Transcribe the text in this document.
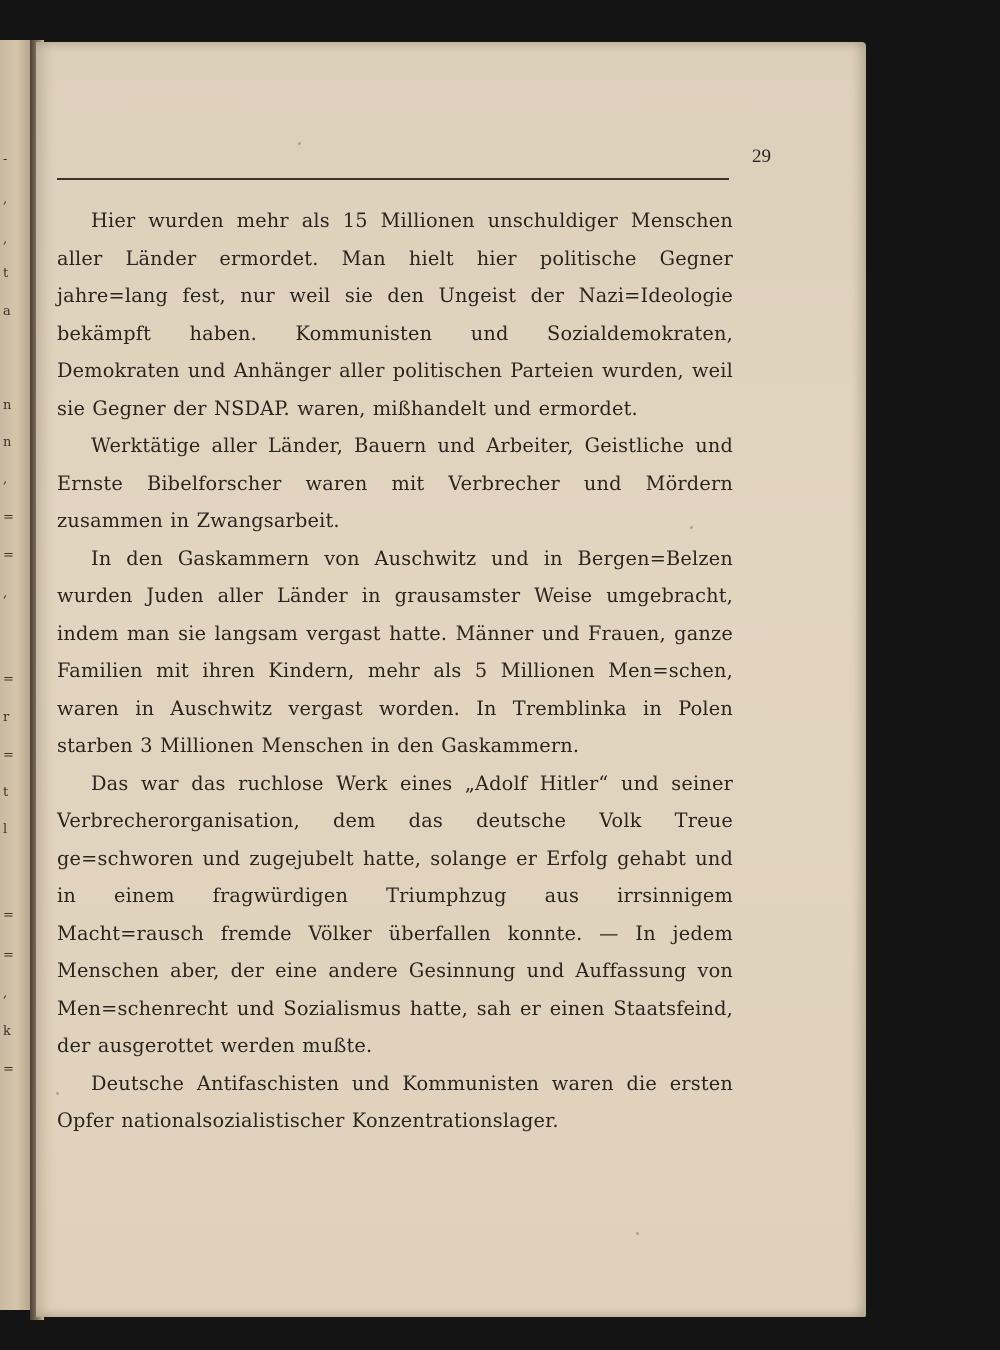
-
,
,
t
a
n
n
,
=
=
,
=
r
=
t
l
=
=
,
k
=
29

Hier wurden mehr als 15 Millionen unschuldiger Menschen aller Länder ermordet. Man hielt hier politische Gegner jahre=lang fest, nur weil sie den Ungeist der Nazi=Ideologie bekämpft haben. Kommunisten und Sozialdemokraten, Demokraten und Anhänger aller politischen Parteien wurden, weil sie Gegner der NSDAP. waren, mißhandelt und ermordet.

Werktätige aller Länder, Bauern und Arbeiter, Geistliche und Ernste Bibelforscher waren mit Verbrecher und Mördern zusammen in Zwangsarbeit.

In den Gaskammern von Auschwitz und in Bergen=Belzen wurden Juden aller Länder in grausamster Weise umgebracht, indem man sie langsam vergast hatte. Männer und Frauen, ganze Familien mit ihren Kindern, mehr als 5 Millionen Men=schen, waren in Auschwitz vergast worden. In Tremblinka in Polen starben 3 Millionen Menschen in den Gaskammern.

Das war das ruchlose Werk eines „Adolf Hitler“ und seiner Verbrecherorganisation, dem das deutsche Volk Treue ge=schworen und zugejubelt hatte, solange er Erfolg gehabt und in einem fragwürdigen Triumphzug aus irrsinnigem Macht=rausch fremde Völker überfallen konnte. — In jedem Menschen aber, der eine andere Gesinnung und Auffassung von Men=schenrecht und Sozialismus hatte, sah er einen Staatsfeind, der ausgerottet werden mußte.

Deutsche Antifaschisten und Kommunisten waren die ersten Opfer nationalsozialistischer Konzentrationslager.
